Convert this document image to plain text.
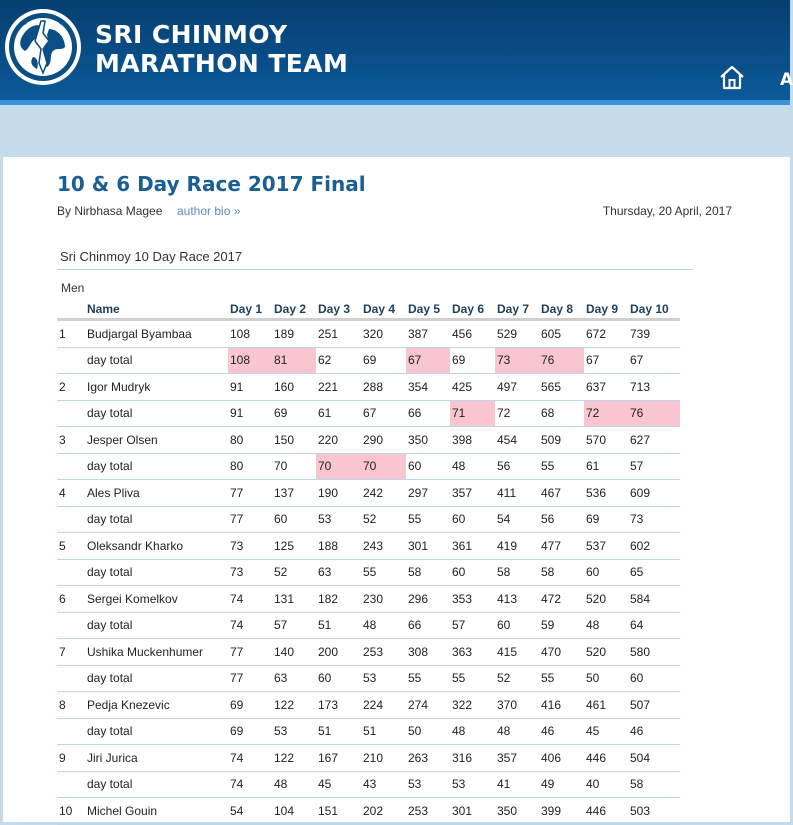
SRI CHINMOY
MARATHON TEAM
A
10 & 6 Day Race 2017 Final
By Nirbhasa Magee author bio »	Thursday, 20 April, 2017
Sri Chinmoy 10 Day Race 2017
Men
	Name	Day 1	Day 2	Day 3	Day 4	Day 5	Day 6	Day 7	Day 8	Day 9	Day 10
1	Budjargal Byambaa	108	189	251	320	387	456	529	605	672	739
	day total	108	81	62	69	67	69	73	76	67	67
2	Igor Mudryk	91	160	221	288	354	425	497	565	637	713
	day total	91	69	61	67	66	71	72	68	72	76
3	Jesper Olsen	80	150	220	290	350	398	454	509	570	627
	day total	80	70	70	70	60	48	56	55	61	57
4	Ales Pliva	77	137	190	242	297	357	411	467	536	609
	day total	77	60	53	52	55	60	54	56	69	73
5	Oleksandr Kharko	73	125	188	243	301	361	419	477	537	602
	day total	73	52	63	55	58	60	58	58	60	65
6	Sergei Komelkov	74	131	182	230	296	353	413	472	520	584
	day total	74	57	51	48	66	57	60	59	48	64
7	Ushika Muckenhumer	77	140	200	253	308	363	415	470	520	580
	day total	77	63	60	53	55	55	52	55	50	60
8	Pedja Knezevic	69	122	173	224	274	322	370	416	461	507
	day total	69	53	51	51	50	48	48	46	45	46
9	Jiri Jurica	74	122	167	210	263	316	357	406	446	504
	day total	74	48	45	43	53	53	41	49	40	58
10	Michel Gouin	54	104	151	202	253	301	350	399	446	503
